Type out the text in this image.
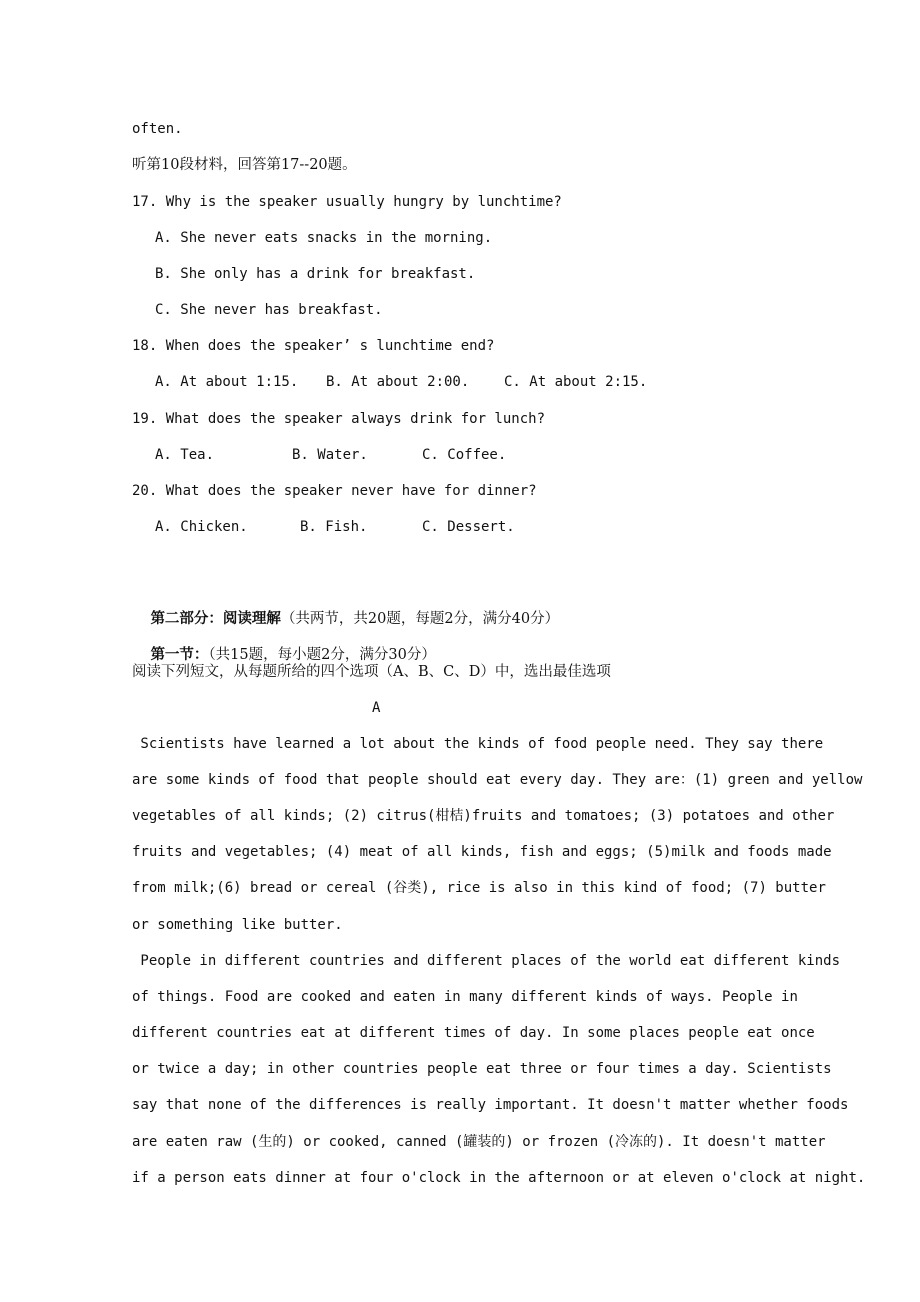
often.
听第10段材料，回答第17--20题。
17. Why is the speaker usually hungry by lunchtime?
A. She never eats snacks in the morning.
B. She only has a drink for breakfast.
C. She never has breakfast.
18. When does the speaker’ s lunchtime end?
A. At about 1:15. B. At about 2:00. C. At about 2:15.
19. What does the speaker always drink for lunch?
A. Tea.	B. Water.	C. Coffee.
20. What does the speaker never have for dinner?
A. Chicken.	B. Fish.	C. Dessert.

第二部分：阅读理解（共两节，共20题，每题2分，满分40分）

第一节：（共15题，每小题2分，满分30分）

阅读下列短文，从每题所给的四个选项（A、B、C、D）中，选出最佳选项
A
Scientists have learned a lot about the kinds of food people need. They say there
are some kinds of food that people should eat every day. They are：(1) green and yellow
vegetables of all kinds; (2) citrus(柑桔)fruits and tomatoes; (3) potatoes and other
fruits and vegetables; (4) meat of all kinds, fish and eggs; (5)milk and foods made
from milk;(6) bread or cereal (谷类), rice is also in this kind of food; (7) butter
or something like butter.
People in different countries and different places of the world eat different kinds
of things. Food are cooked and eaten in many different kinds of ways. People in
different countries eat at different times of day. In some places people eat once
or twice a day; in other countries people eat three or four times a day. Scientists
say that none of the differences is really important. It doesn't matter whether foods
are eaten raw (生的) or cooked, canned (罐装的) or frozen (冷冻的). It doesn't matter
if a person eats dinner at four o'clock in the afternoon or at eleven o'clock at night.
